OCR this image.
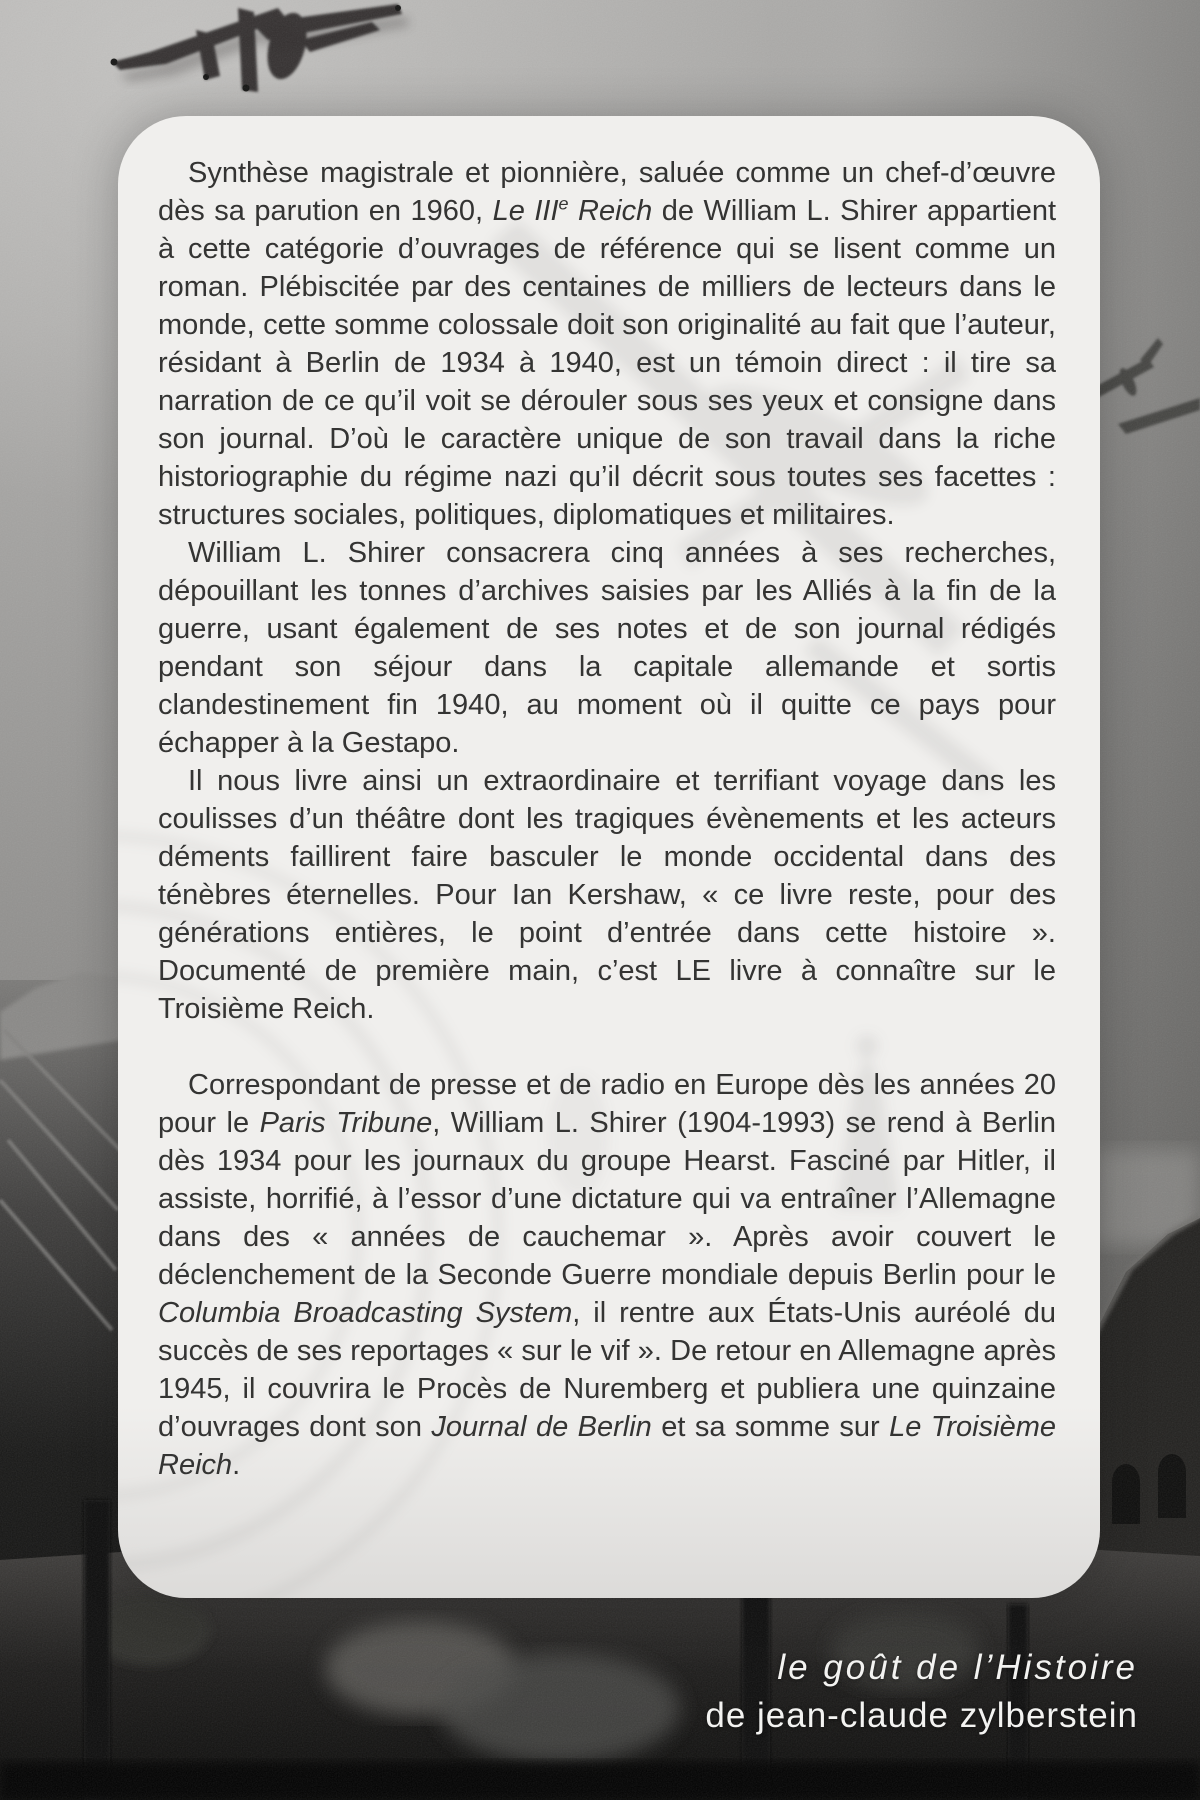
Synthèse magistrale et pionnière, saluée comme un chef-d’œuvre dès sa parution en 1960, Le IIIe Reich de William L. Shirer appartient à cette catégorie d’ouvrages de référence qui se lisent comme un roman. Plébiscitée par des centaines de milliers de lecteurs dans le monde, cette somme colossale doit son originalité au fait que l’auteur, résidant à Berlin de 1934 à 1940, est un témoin direct : il tire sa narration de ce qu’il voit se dérouler sous ses yeux et consigne dans son journal. D’où le caractère unique de son travail dans la riche historiographie du régime nazi qu’il décrit sous toutes ses facettes : structures sociales, politiques, diplomatiques et militaires.

William L. Shirer consacrera cinq années à ses recherches, dépouillant les tonnes d’archives saisies par les Alliés à la fin de la guerre, usant également de ses notes et de son journal rédigés pendant son séjour dans la capitale allemande et sortis clandestinement fin 1940, au moment où il quitte ce pays pour échapper à la Gestapo.

Il nous livre ainsi un extraordinaire et terrifiant voyage dans les coulisses d’un théâtre dont les tragiques évènements et les acteurs déments faillirent faire basculer le monde occidental dans des ténèbres éternelles. Pour Ian Kershaw, « ce livre reste, pour des générations entières, le point d’entrée dans cette histoire ». Documenté de première main, c’est LE livre à connaître sur le Troisième Reich.

Correspondant de presse et de radio en Europe dès les années 20 pour le Paris Tribune, William L. Shirer (1904-1993) se rend à Berlin dès 1934 pour les journaux du groupe Hearst. Fasciné par Hitler, il assiste, horrifié, à l’essor d’une dictature qui va entraîner l’Allemagne dans des « années de cauchemar ». Après avoir couvert le déclenchement de la Seconde Guerre mondiale depuis Berlin pour le Columbia Broadcasting System, il rentre aux États-Unis auréolé du succès de ses reportages « sur le vif ». De retour en Allemagne après 1945, il couvrira le Procès de Nuremberg et publiera une quinzaine d’ouvrages dont son Journal de Berlin et sa somme sur Le Troisième Reich.

le goût de l’Histoire
de jean-claude zylberstein
